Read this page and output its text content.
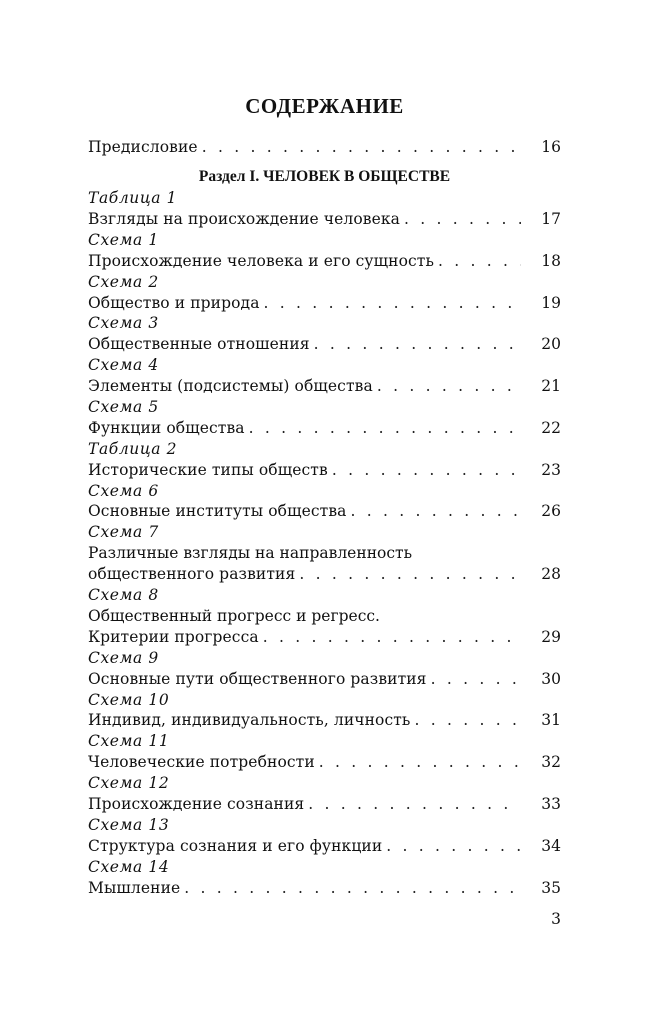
СОДЕРЖАНИЕ
Предисловие . . .	16
Раздел I. ЧЕЛОВЕК В ОБЩЕСТВЕ
Таблица 1
Взгляды на происхождение человека . . .	17
Схема 1
Происхождение человека и его сущность . . .	18
Схема 2
Общество и природа . . .	19
Схема 3
Общественные отношения . . .	20
Схема 4
Элементы (подсистемы) общества . . .	21
Схема 5
Функции общества . . .	22
Таблица 2
Исторические типы обществ . . .	23
Схема 6
Основные институты общества . . .	26
Схема 7
Различные взгляды на направленность
общественного развития . . .	28
Схема 8
Общественный прогресс и регресс.
Критерии прогресса . . .	29
Схема 9
Основные пути общественного развития . . .	30
Схема 10
Индивид, индивидуальность, личность . . .	31
Схема 11
Человеческие потребности . . .	32
Схема 12
Происхождение сознания . . .	33
Схема 13
Структура сознания и его функции . . .	34
Схема 14
Мышление . . .	35
3
